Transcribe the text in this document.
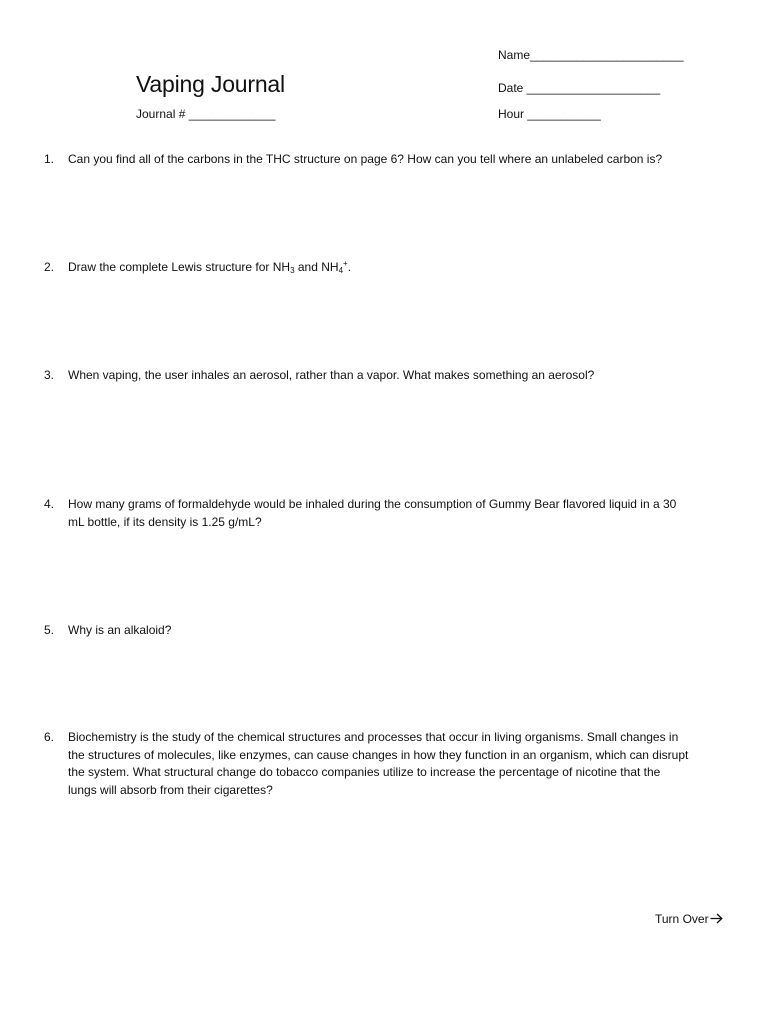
Vaping Journal
Journal # _____________
Name_______________________
Date ____________________
Hour ___________
1.	Can you find all of the carbons in the THC structure on page 6? How can you tell where an unlabeled carbon is?
2.	Draw the complete Lewis structure for $NH_3$ and $NH_4^+$.
3.	When vaping, the user inhales an aerosol, rather than a vapor. What makes something an aerosol?
4.	How many grams of formaldehyde would be inhaled during the consumption of Gummy Bear flavored liquid in a 30
mL bottle, if its density is 1.25 g/mL?
5.	Why is an alkaloid?
6.	Biochemistry is the study of the chemical structures and processes that occur in living organisms. Small changes in
the structures of molecules, like enzymes, can cause changes in how they function in an organism, which can disrupt
the system. What structural change do tobacco companies utilize to increase the percentage of nicotine that the
lungs will absorb from their cigarettes?
Turn Over
